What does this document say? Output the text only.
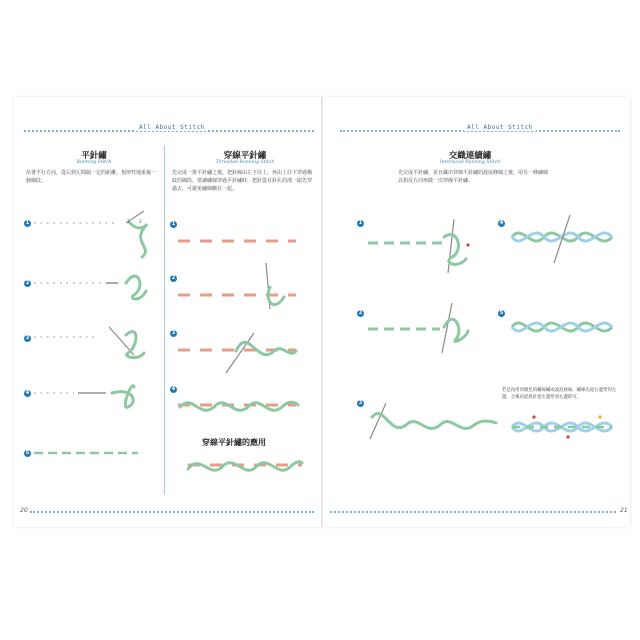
All About Stitch
平針繡
Running Stitch
沿著平行方向，從右到左間隔一定的距離，規律性地重複一個線段。
1
2
3
4
5
1 2
穿線平針繡
Threaded Running Stitch
先完成一排平針繡之後，把針線由左下往上，再由上往下穿過橫紋的線段，要讓繡線穿過平針繡時，把針從有針孔的部一頭先穿過去，可避免繡線纏在一起。
1
2
3
4
穿線平針繡的應用
20
All About Stitch
交織連續繡
Interlaced Running Stitch
先完成平針繡，並且織出穿線平針繡的波浪條線之後，用另一條繡線以相反方向再做一次穿線平針繡。
1
2
3
4
5
若是再用同顏色的繡線繡成波浪條線，繡線先從右邊穿到左邊，之後再從底針從左邊穿到右邊即可。
21
